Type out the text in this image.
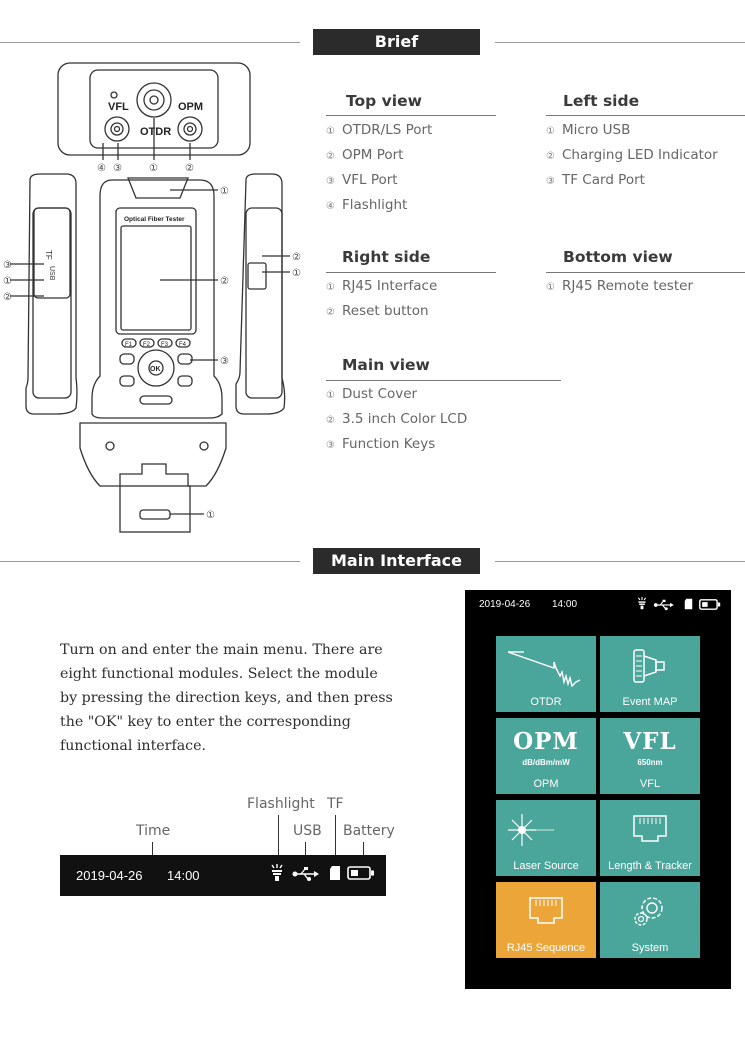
Brief
VFL
OTDR
OPM
④ ③	①	②
TF
USB
③
①
②
Optical Fiber Tester
F1 F2 F3 F4
OK
②
①
③
②
①
①
Top view
① OTDR/LS Port
② OPM Port
③ VFL Port
④ Flashlight
Left side
① Micro USB
② Charging LED Indicator
③ TF Card Port
Right side
① RJ45 Interface
② Reset button
Bottom view
① RJ45 Remote tester
Main view
① Dust Cover
② 3.5 inch Color LCD
③ Function Keys
Main Interface
Turn on and enter the main menu. There are eight functional modules. Select the module by pressing the direction keys, and then press the "OK" key to enter the corresponding functional interface.
Flashlight TF
Time	USB Battery
2019-04-26 14:00
2019-04-26 14:00
OTDR	Event MAP
OPM
dB/dBm/mW
OPM
VFL
650nm
VFL
Laser Source	Length & Tracker
RJ45 Sequence	System
